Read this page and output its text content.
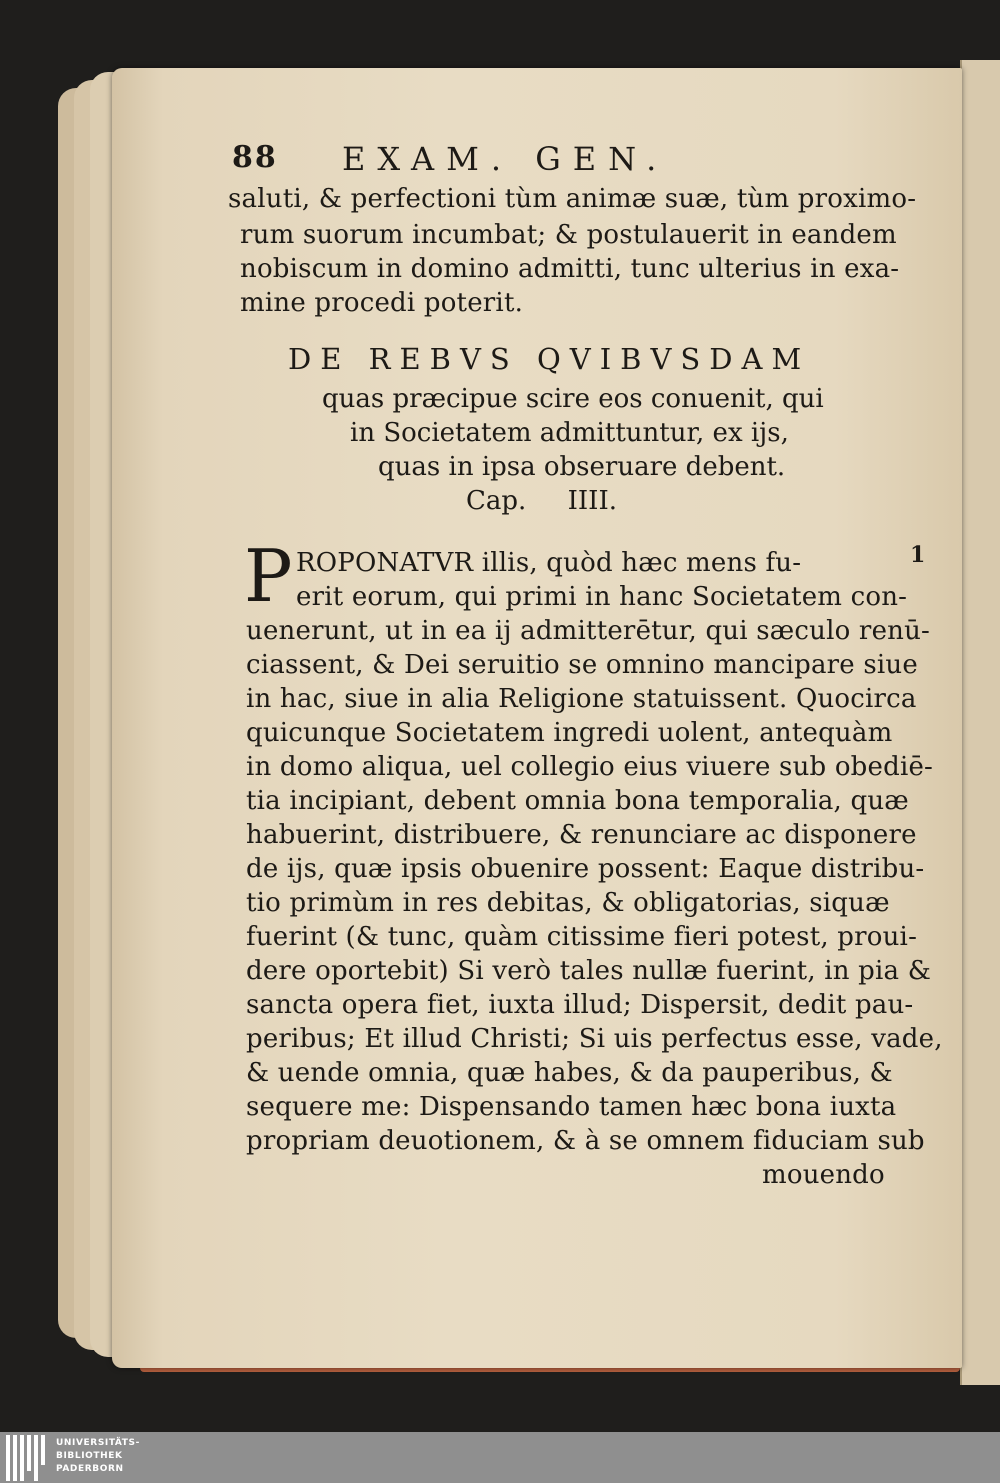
88 EXAM. GEN.
saluti, & perfectioni tùm animæ suæ, tùm proximo-
rum suorum incumbat; & postulauerit in eandem
nobiscum in domino admitti, tunc ulterius in exa-
mine procedi poterit.
DE REBVS QVIBVSDAM
quas præcipue scire eos conuenit, qui
in Societatem admittuntur, ex ijs,
quas in ipsa obseruare debent.
Cap.     IIII.
P	1
ROPONATVR illis, quòd hæc mens fu-
erit eorum, qui primi in hanc Societatem con-
uenerunt, ut in ea ij admitterētur, qui sæculo renū-
ciassent, & Dei seruitio se omnino mancipare siue
in hac, siue in alia Religione statuissent. Quocirca
quicunque Societatem ingredi uolent, antequàm
in domo aliqua, uel collegio eius viuere sub obediē-
tia incipiant, debent omnia bona temporalia, quæ
habuerint, distribuere, & renunciare ac disponere
de ijs, quæ ipsis obuenire possent: Eaque distribu-
tio primùm in res debitas, & obligatorias, siquæ
fuerint (& tunc, quàm citissime fieri potest, proui-
dere oportebit) Si verò tales nullæ fuerint, in pia &
sancta opera fiet, iuxta illud; Dispersit, dedit pau-
peribus; Et illud Christi; Si uis perfectus esse, vade,
& uende omnia, quæ habes, & da pauperibus, &
sequere me: Dispensando tamen hæc bona iuxta
propriam deuotionem, & à se omnem fiduciam sub
mouendo
UNIVERSITÄTS-
BIBLIOTHEK
PADERBORN
